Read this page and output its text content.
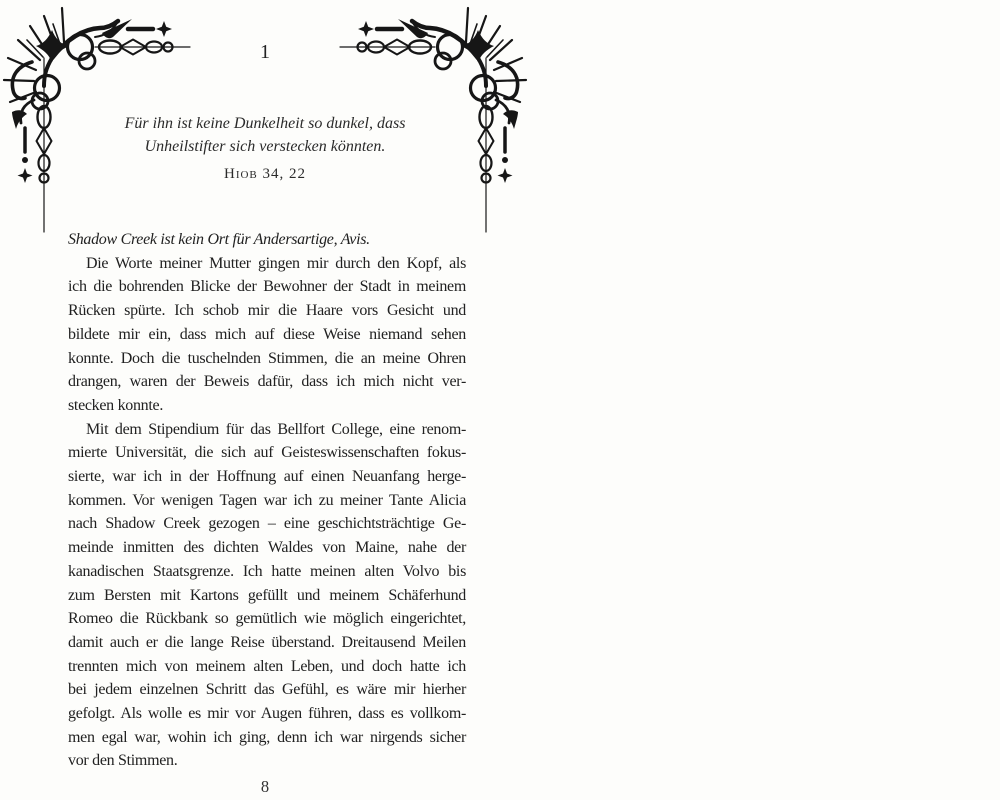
1
Für ihn ist keine Dunkelheit so dunkel, dass
Unheilstifter sich verstecken könnten.
Hiob 34, 22
Shadow Creek ist kein Ort für Andersartige, Avis.
Die Worte meiner Mutter gingen mir durch den Kopf, als
ich die bohrenden Blicke der Bewohner der Stadt in meinem
Rücken spürte. Ich schob mir die Haare vors Gesicht und
bildete mir ein, dass mich auf diese Weise niemand sehen
konnte. Doch die tuschelnden Stimmen, die an meine Ohren
drangen, waren der Beweis dafür, dass ich mich nicht ver-
stecken konnte.
Mit dem Stipendium für das Bellfort College, eine renom-
mierte Universität, die sich auf Geisteswissenschaften fokus-
sierte, war ich in der Hoffnung auf einen Neuanfang herge-
kommen. Vor wenigen Tagen war ich zu meiner Tante Alicia
nach Shadow Creek gezogen – eine geschichtsträchtige Ge-
meinde inmitten des dichten Waldes von Maine, nahe der
kanadischen Staatsgrenze. Ich hatte meinen alten Volvo bis
zum Bersten mit Kartons gefüllt und meinem Schäferhund
Romeo die Rückbank so gemütlich wie möglich eingerichtet,
damit auch er die lange Reise überstand. Dreitausend Meilen
trennten mich von meinem alten Leben, und doch hatte ich
bei jedem einzelnen Schritt das Gefühl, es wäre mir hierher
gefolgt. Als wolle es mir vor Augen führen, dass es vollkom-
men egal war, wohin ich ging, denn ich war nirgends sicher
vor den Stimmen.
8
